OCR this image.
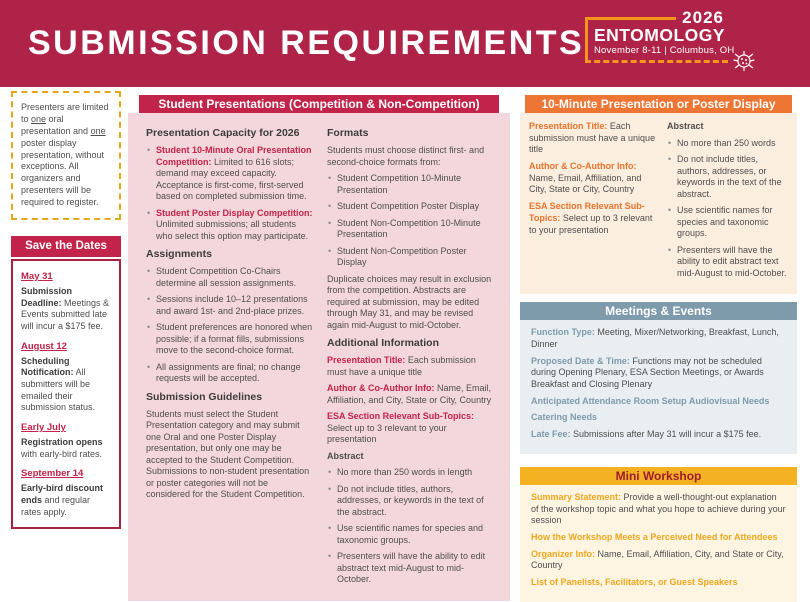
SUBMISSION REQUIREMENTS
2026
ENTOMOLOGY
November 8-11 | Columbus, OH
Presenters are limited to one oral presentation and one poster display presentation, without exceptions. All organizers and presenters will be required to register.
Save the Dates
May 31
Submission Deadline: Meetings & Events submitted late will incur a $175 fee.
August 12
Scheduling Notification: All submitters will be emailed their submission status.
Early July
Registration opens with early-bird rates.
September 14
Early-bird discount ends and regular rates apply.
Student Presentations (Competition & Non-Competition)
Presentation Capacity for 2026
• Student 10-Minute Oral Presentation Competition: Limited to 616 slots; demand may exceed capacity. Acceptance is first-come, first-served based on completed submission time.
• Student Poster Display Competition: Unlimited submissions; all students who select this option may participate.
Assignments
• Student Competition Co-Chairs determine all session assignments.
• Sessions include 10–12 presentations and award 1st- and 2nd-place prizes.
• Student preferences are honored when possible; if a format fills, submissions move to the second-choice format.
• All assignments are final; no change requests will be accepted.
Submission Guidelines
Students must select the Student Presentation category and may submit one Oral and one Poster Display presentation, but only one may be accepted to the Student Competition. Submissions to non-student presentation or poster categories will not be considered for the Student Competition.
Formats
Students must choose distinct first- and second-choice formats from:
• Student Competition 10-Minute Presentation
• Student Competition Poster Display
• Student Non-Competition 10-Minute Presentation
• Student Non-Competition Poster Display
Duplicate choices may result in exclusion from the competition. Abstracts are required at submission, may be edited through May 31, and may be revised again mid-August to mid-October.
Additional Information
Presentation Title: Each submission must have a unique title
Author & Co-Author Info: Name, Email, Affiliation, and City, State or City, Country
ESA Section Relevant Sub-Topics: Select up to 3 relevant to your presentation
Abstract
• No more than 250 words in length
• Do not include titles, authors, addresses, or keywords in the text of the abstract.
• Use scientific names for species and taxonomic groups.
• Presenters will have the ability to edit abstract text mid-August to mid-October.
10-Minute Presentation or Poster Display
Presentation Title: Each submission must have a unique title
Author & Co-Author Info: Name, Email, Affiliation, and City, State or City, Country
ESA Section Relevant Sub-Topics: Select up to 3 relevant to your presentation
Abstract
• No more than 250 words
• Do not include titles, authors, addresses, or keywords in the text of the abstract.
• Use scientific names for species and taxonomic groups.
• Presenters will have the ability to edit abstract text mid-August to mid-October.
Meetings & Events
Function Type: Meeting, Mixer/Networking, Breakfast, Lunch, Dinner
Proposed Date & Time: Functions may not be scheduled during Opening Plenary, ESA Section Meetings, or Awards Breakfast and Closing Plenary
Anticipated Attendance Room Setup Audiovisual Needs
Catering Needs
Late Fee: Submissions after May 31 will incur a $175 fee.
Mini Workshop
Summary Statement: Provide a well-thought-out explanation of the workshop topic and what you hope to achieve during your session
How the Workshop Meets a Perceived Need for Attendees
Organizer Info: Name, Email, Affiliation, City, and State or City, Country
List of Panelists, Facilitators, or Guest Speakers
